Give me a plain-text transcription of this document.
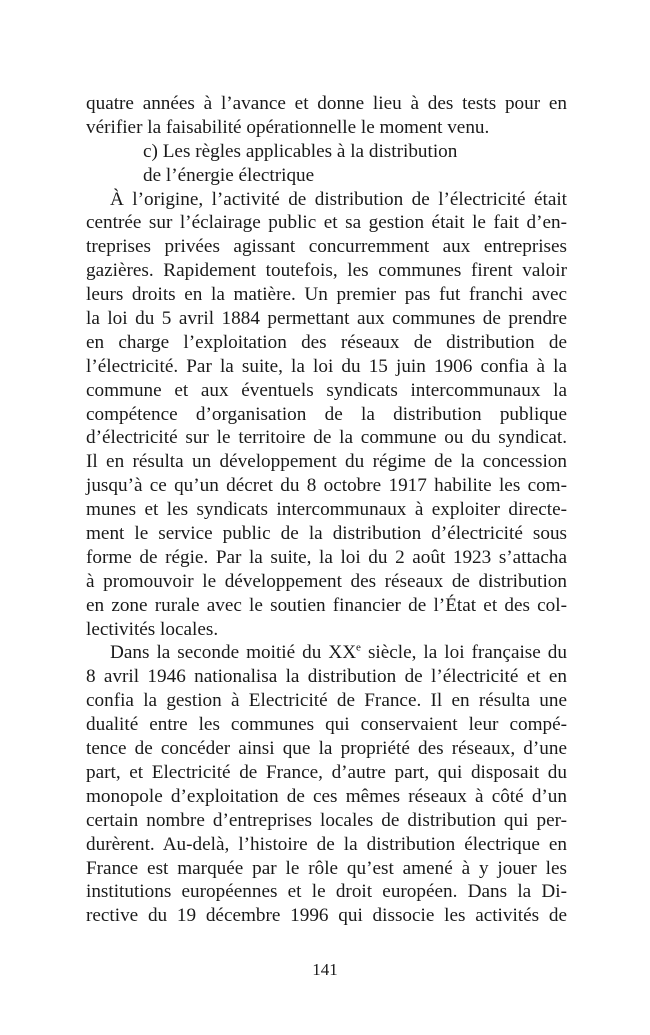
quatre années à l’avance et donne lieu à des tests pour en
vérifier la faisabilité opérationnelle le moment venu.
c) Les règles applicables à la distribution
de l’énergie électrique
À l’origine, l’activité de distribution de l’électricité était
centrée sur l’éclairage public et sa gestion était le fait d’en-
treprises privées agissant concurremment aux entreprises
gazières. Rapidement toutefois, les communes firent valoir
leurs droits en la matière. Un premier pas fut franchi avec
la loi du 5 avril 1884 permettant aux communes de prendre
en charge l’exploitation des réseaux de distribution de
l’électricité. Par la suite, la loi du 15 juin 1906 confia à la
commune et aux éventuels syndicats intercommunaux la
compétence d’organisation de la distribution publique
d’électricité sur le territoire de la commune ou du syndicat.
Il en résulta un développement du régime de la concession
jusqu’à ce qu’un décret du 8 octobre 1917 habilite les com-
munes et les syndicats intercommunaux à exploiter directe-
ment le service public de la distribution d’électricité sous
forme de régie. Par la suite, la loi du 2 août 1923 s’attacha
à promouvoir le développement des réseaux de distribution
en zone rurale avec le soutien financier de l’État et des col-
lectivités locales.
Dans la seconde moitié du XXe siècle, la loi française du
8 avril 1946 nationalisa la distribution de l’électricité et en
confia la gestion à Electricité de France. Il en résulta une
dualité entre les communes qui conservaient leur compé-
tence de concéder ainsi que la propriété des réseaux, d’une
part, et Electricité de France, d’autre part, qui disposait du
monopole d’exploitation de ces mêmes réseaux à côté d’un
certain nombre d’entreprises locales de distribution qui per-
durèrent. Au-delà, l’histoire de la distribution électrique en
France est marquée par le rôle qu’est amené à y jouer les
institutions européennes et le droit européen. Dans la Di-
rective du 19 décembre 1996 qui dissocie les activités de
141
